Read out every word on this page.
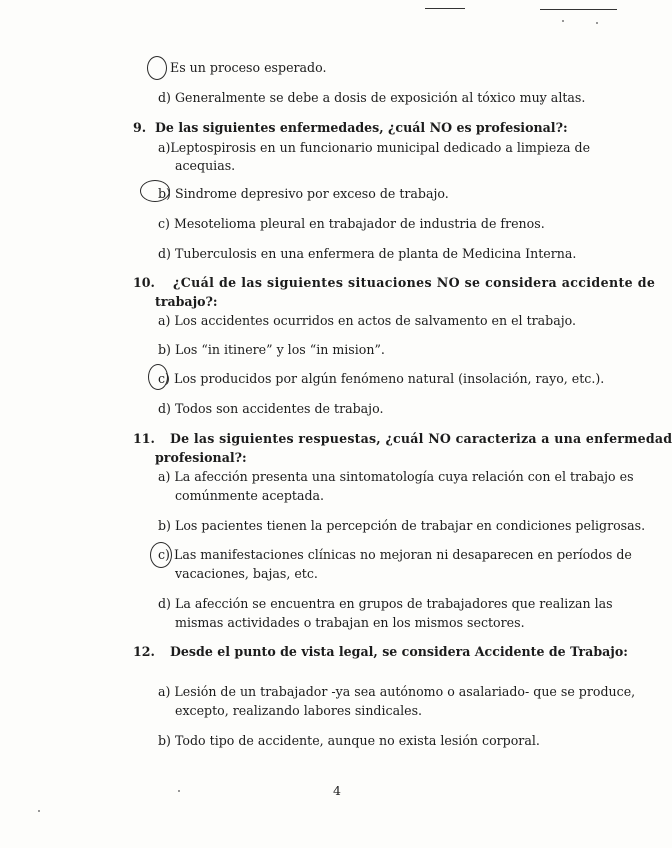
Es un proceso esperado.
d) Generalmente se debe a dosis de exposición al tóxico muy altas.
9. De las siguientes enfermedades, ¿cuál NO es profesional?:
a)Leptospirosis en un funcionario municipal dedicado a limpieza de
acequias.
b) Sindrome depresivo por exceso de trabajo.
c) Mesotelioma pleural en trabajador de industria de frenos.
d) Tuberculosis en una enfermera de planta de Medicina Interna.
10. ¿Cuál de las siguientes situaciones NO se considera accidente de
trabajo?:
a) Los accidentes ocurridos en actos de salvamento en el trabajo.
b) Los “in itinere” y los “in mision”.
c) Los producidos por algún fenómeno natural (insolación, rayo, etc.).
d) Todos son accidentes de trabajo.
11. De las siguientes respuestas, ¿cuál NO caracteriza a una enfermedad
profesional?:
a) La afección presenta una sintomatología cuya relación con el trabajo es
comúnmente aceptada.
b) Los pacientes tienen la percepción de trabajar en condiciones peligrosas.
c) Las manifestaciones clínicas no mejoran ni desaparecen en períodos de
vacaciones, bajas, etc.
d) La afección se encuentra en grupos de trabajadores que realizan las
mismas actividades o trabajan en los mismos sectores.
12. Desde el punto de vista legal, se considera Accidente de Trabajo:
a) Lesión de un trabajador -ya sea autónomo o asalariado- que se produce,
excepto, realizando labores sindicales.
b) Todo tipo de accidente, aunque no exista lesión corporal.
4
